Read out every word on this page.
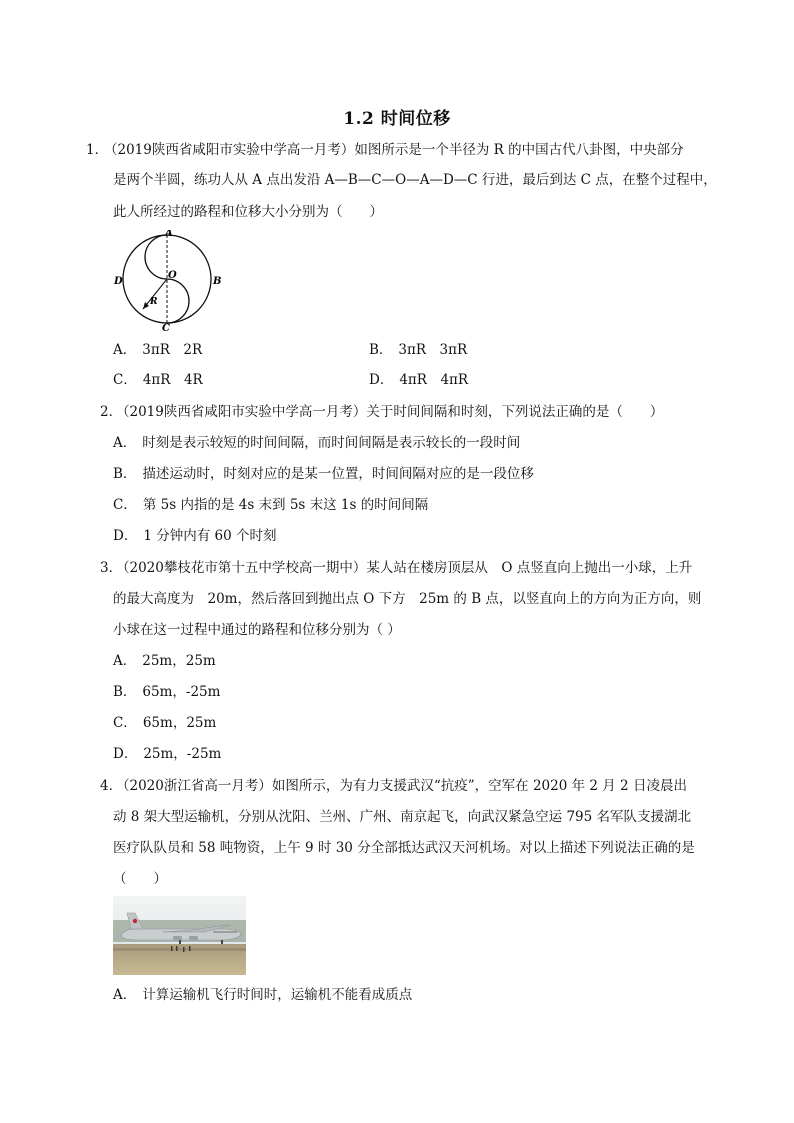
1.2 时间位移
1．
（2019陕西省咸阳市实验中学高一月考）如图所示是一个半径为 R 的中国古代八卦图，中央部分
是两个半圆，练功人从 A 点出发沿 A—B—C—O—A—D—C 行进，最后到达 C 点，在整个过程中，
此人所经过的路程和位移大小分别为（　　）
A
B
C
D
O
R
A． 3πR　2R	B． 3πR　3πR
C． 4πR　4R	D． 4πR　4πR
2．
（2019陕西省咸阳市实验中学高一月考）关于时间间隔和时刻，下列说法正确的是（　　）
A． 时刻是表示较短的时间间隔，而时间间隔是表示较长的一段时间
B． 描述运动时，时刻对应的是某一位置，时间间隔对应的是一段位移
C． 第 5s 内指的是 4s 末到 5s 末这 1s 的时间间隔
D． 1 分钟内有 60 个时刻
3．
（2020攀枝花市第十五中学校高一期中）某人站在楼房顶层从　O 点竖直向上抛出一小球，上升
的最大高度为　20m，然后落回到抛出点 O 下方　25m 的 B 点，以竖直向上的方向为正方向，则
小球在这一过程中通过的路程和位移分别为（ ）
A． 25m，25m
B． 65m，-25m
C． 65m，25m
D． 25m，-25m
4．
（2020浙江省高一月考）如图所示，为有力支援武汉“抗疫”，空军在 2020 年 2 月 2 日凌晨出
动 8 架大型运输机，分别从沈阳、兰州、广州、南京起飞，向武汉紧急空运 795 名军队支援湖北
医疗队队员和 58 吨物资，上午 9 时 30 分全部抵达武汉天河机场。对以上描述下列说法正确的是
（　　）
A． 计算运输机飞行时间时，运输机不能看成质点
